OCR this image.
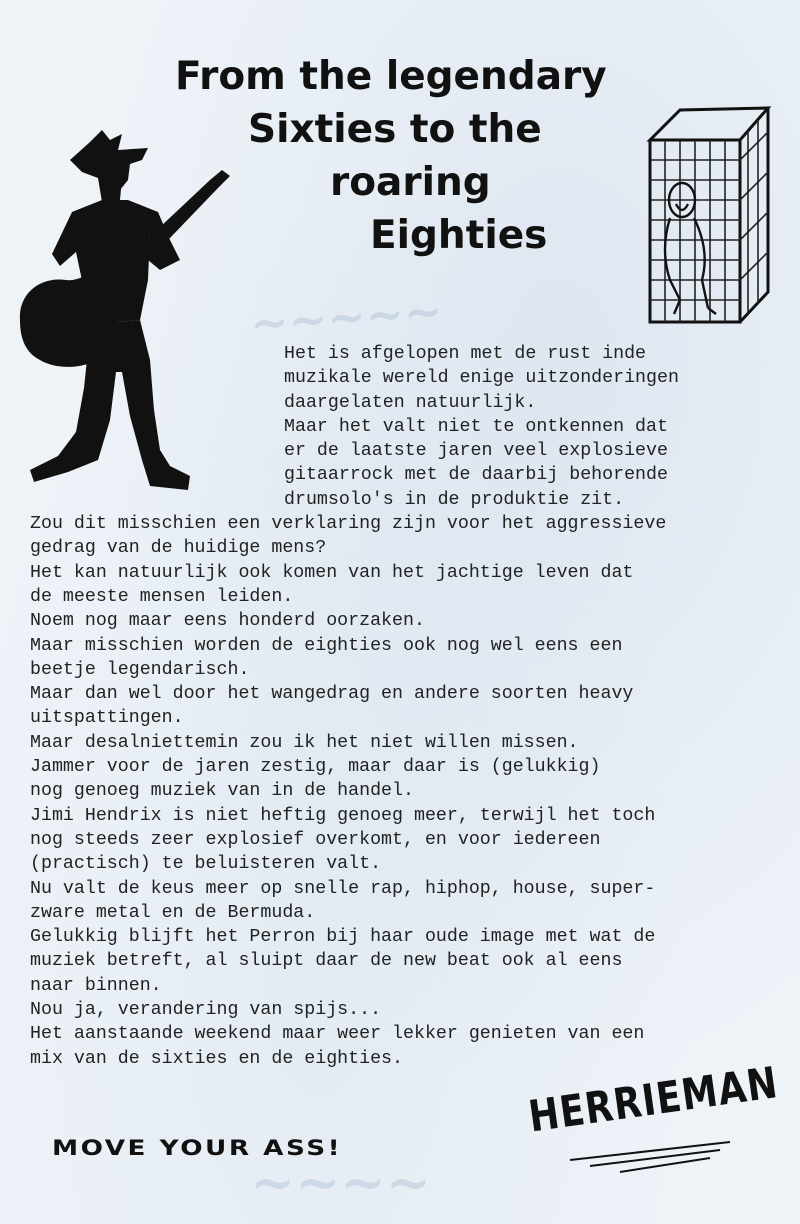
~~~~~
~~~~
From the legendary
Sixties to the
roaring
Eighties
Het is afgelopen met de rust inde
muzikale wereld enige uitzonderingen
daargelaten natuurlijk.
Maar het valt niet te ontkennen dat
er de laatste jaren veel explosieve
gitaarrock met de daarbij behorende
drumsolo's in de produktie zit.
Zou dit misschien een verklaring zijn voor het aggressieve
gedrag van de huidige mens?
Het kan natuurlijk ook komen van het jachtige leven dat
de meeste mensen leiden.
Noem nog maar eens honderd oorzaken.
Maar misschien worden de eighties ook nog wel eens een
beetje legendarisch.
Maar dan wel door het wangedrag en andere soorten heavy
uitspattingen.
Maar desalniettemin zou ik het niet willen missen.
Jammer voor de jaren zestig, maar daar is (gelukkig)
nog genoeg muziek van in de handel.
Jimi Hendrix is niet heftig genoeg meer, terwijl het toch
nog steeds zeer explosief overkomt, en voor iedereen
(practisch) te beluisteren valt.
Nu valt de keus meer op snelle rap, hiphop, house, super-
zware metal en de Bermuda.
Gelukkig blijft het Perron bij haar oude image met wat de
muziek betreft, al sluipt daar de new beat ook al eens
naar binnen.
Nou ja, verandering van spijs...
Het aanstaande weekend maar weer lekker genieten van een
mix van de sixties en de eighties.
MOVE YOUR ASS!
HERRIEMAN
